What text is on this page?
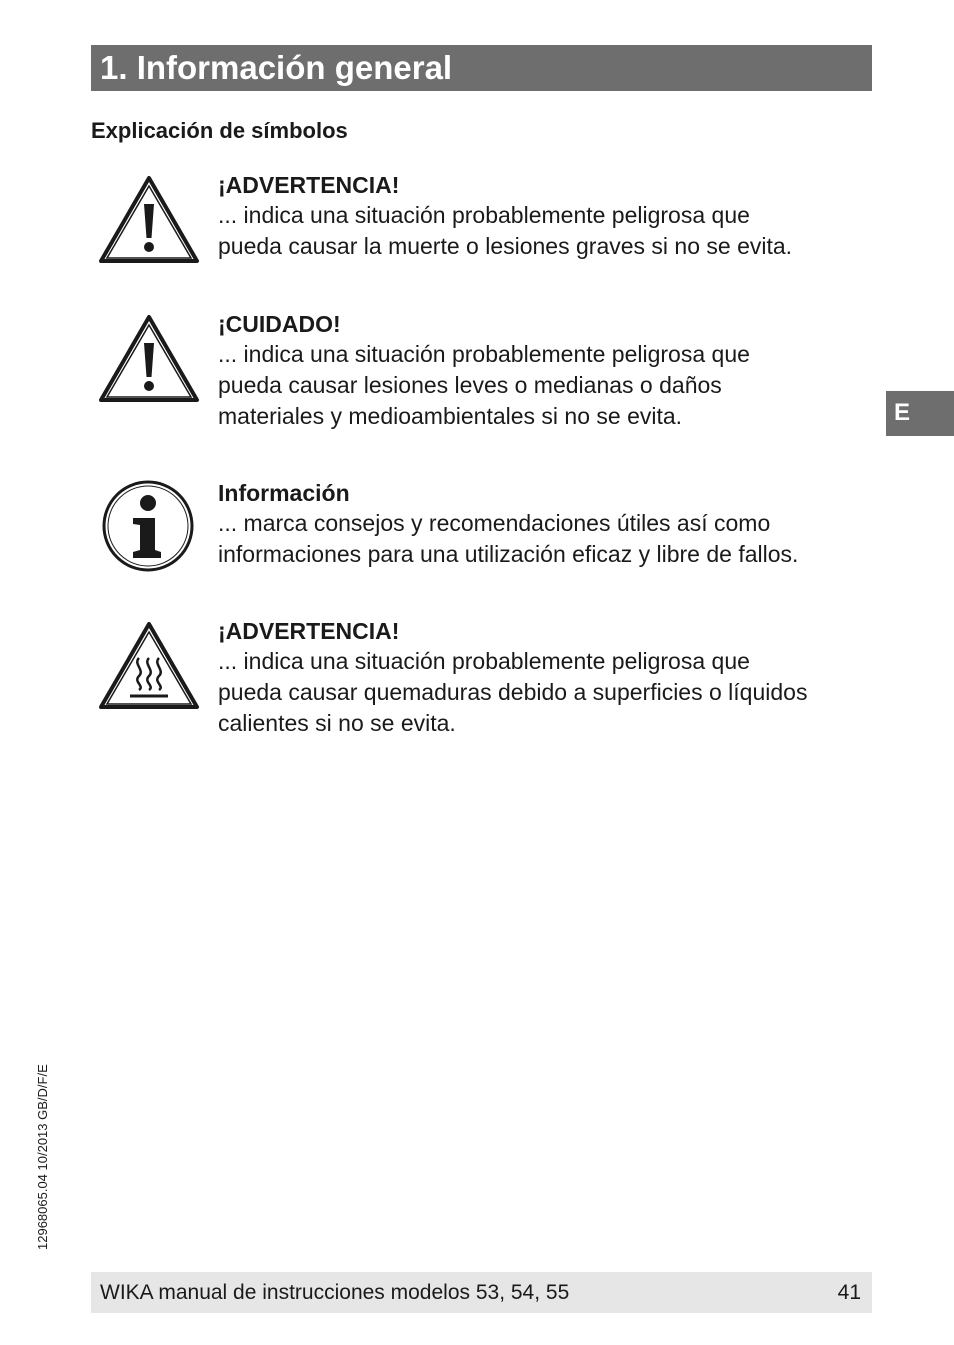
1. Información general
Explicación de símbolos
¡ADVERTENCIA!
... indica una situación probablemente peligrosa que
pueda causar la muerte o lesiones graves si no se evita.
¡CUIDADO!
... indica una situación probablemente peligrosa que
pueda causar lesiones leves o medianas o daños
materiales y medioambientales si no se evita.
Información
... marca consejos y recomendaciones útiles así como
informaciones para una utilización eficaz y libre de fallos.
¡ADVERTENCIA!
... indica una situación probablemente peligrosa que
pueda causar quemaduras debido a superficies o líquidos
calientes si no se evita.
E
12968065.04 10/2013 GB/D/F/E
WIKA manual de instrucciones modelos 53, 54, 55	41
